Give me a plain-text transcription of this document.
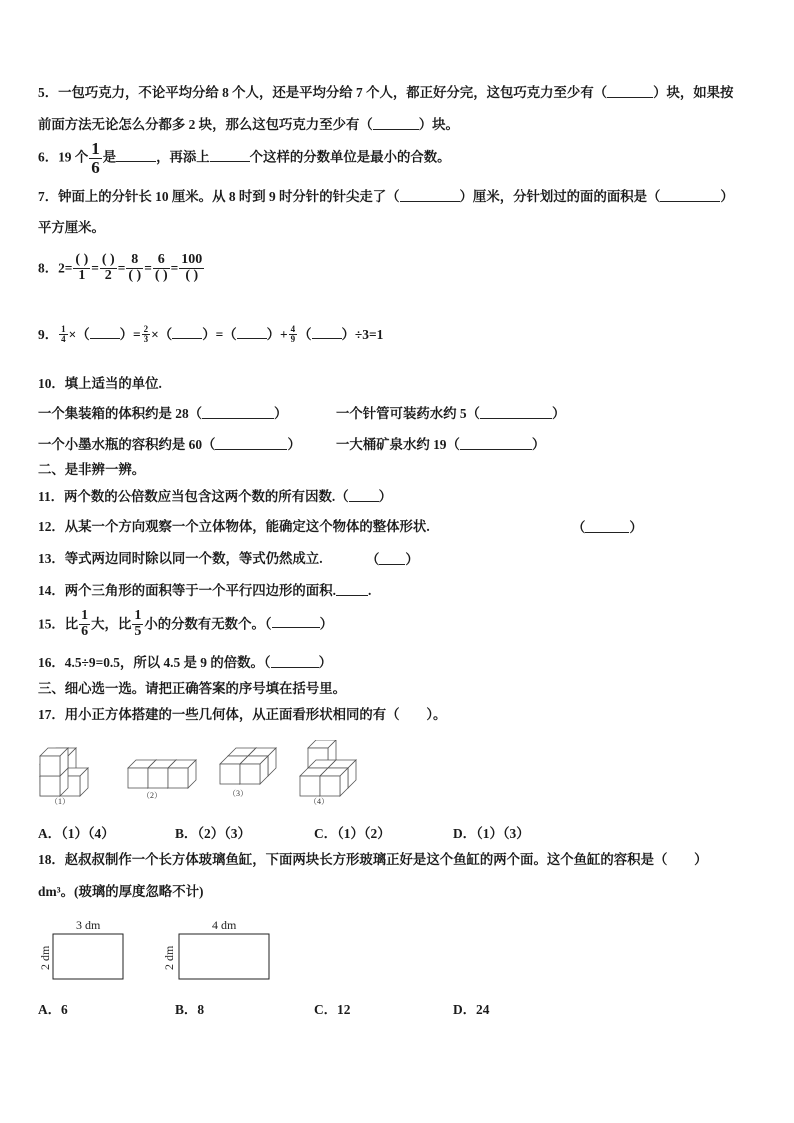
5．一包巧克力，不论平均分给 8 个人，还是平均分给 7 个人，都正好分完，这包巧克力至少有（	）块，如果按
前面方法无论怎么分都多 2 块，那么这包巧克力至少有（	）块。
6．19 个 $\frac{1}{6}$ 是	，再添上	个这样的分数单位是最小的合数。
7．钟面上的分针长 10 厘米。从 8 时到 9 时分针的针尖走了（	）厘米，分针划过的面的面积是（	）
平方厘米。
8．$2= \frac{( )}{1} = \frac{( )}{2} = \frac{8}{( )} = \frac{6}{( )} = \frac{100}{( )}$
9． $\frac{1}{4}$ ×（ ）= $\frac{2}{3}$ ×（ ）=（ ）+ $\frac{4}{9}$ （ ）÷3=1
10．填上适当的单位.
一个集装箱的体积约是 28（	）	一个针管可装药水约 5（	）
一个小墨水瓶的容积约是 60（	）	一大桶矿泉水约 19（	）
二、是非辨一辨。
11．两个数的公倍数应当包含这两个数的所有因数.（ ）
12．从某一个方向观察一个立体物体，能确定这个物体的整体形状.	（	）
13．等式两边同时除以同一个数，等式仍然成立.	（ ）
14．两个三角形的面积等于一个平行四边形的面积. .
15．比 $\frac{1}{6}$ 大，比 $\frac{1}{5}$ 小的分数有无数个。（	）
16．4.5÷9=0.5，所以 4.5 是 9 的倍数。（	）
三、细心选一选。请把正确答案的序号填在括号里。
17．用小正方体搭建的一些几何体，从正面看形状相同的有（　　）。
（1）
（2）	（3）
（4）
A．（1）（4）	B．（2）（3）	C．（1）（2）	D．（1）（3）
18．赵叔叔制作一个长方体玻璃鱼缸，下面两块长方形玻璃正好是这个鱼缸的两个面。这个鱼缸的容积是（　　）
dm³。(玻璃的厚度忽略不计)
3 dm
2 dm
4 dm
2 dm
A．6	B．8	C．12	D．24
